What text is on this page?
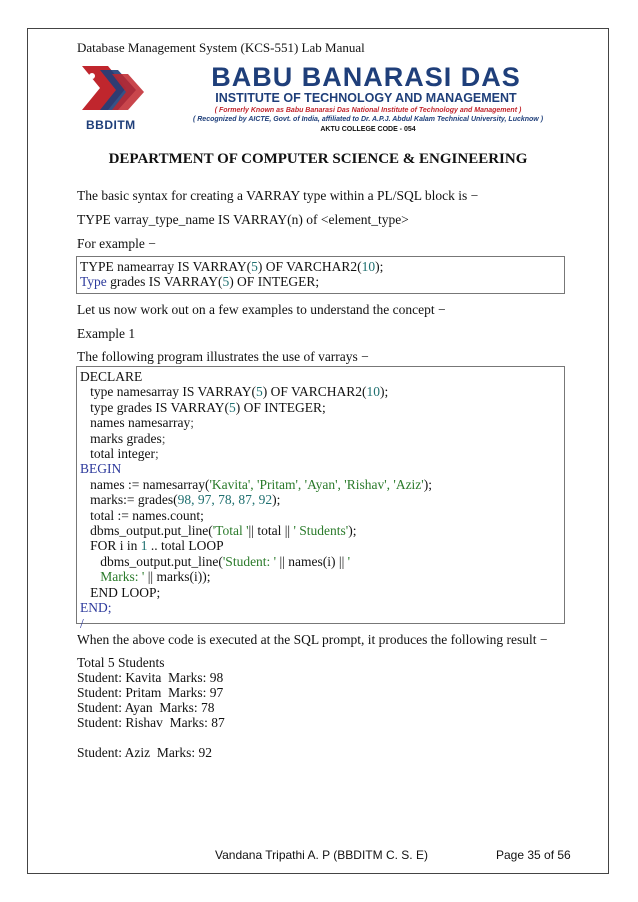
Database Management System (KCS-551) Lab Manual
BBDITM
BABU BANARASI DAS
INSTITUTE OF TECHNOLOGY AND MANAGEMENT
( Formerly Known as Babu Banarasi Das National Institute of Technology and Management )
( Recognized by AICTE, Govt. of India, affiliated to Dr. A.P.J. Abdul Kalam Technical University, Lucknow )
AKTU COLLEGE CODE - 054
DEPARTMENT OF COMPUTER SCIENCE & ENGINEERING
The basic syntax for creating a VARRAY type within a PL/SQL block is −
TYPE varray_type_name IS VARRAY(n) of <element_type>
For example −
TYPE namearray IS VARRAY(5) OF VARCHAR2(10);
Type grades IS VARRAY(5) OF INTEGER;
Let us now work out on a few examples to understand the concept −
Example 1
The following program illustrates the use of varrays −
DECLARE
type namesarray IS VARRAY(5) OF VARCHAR2(10);
type grades IS VARRAY(5) OF INTEGER;
names namesarray;
marks grades;
total integer;
BEGIN
names := namesarray('Kavita', 'Pritam', 'Ayan', 'Rishav', 'Aziz');
marks:= grades(98, 97, 78, 87, 92);
total := names.count;
dbms_output.put_line('Total '|| total || ' Students');
FOR i in 1 .. total LOOP
dbms_output.put_line('Student: ' || names(i) || '
Marks: ' || marks(i));
END LOOP;
END;
/
When the above code is executed at the SQL prompt, it produces the following result −
Total 5 Students
Student: Kavita  Marks: 98
Student: Pritam  Marks: 97
Student: Ayan  Marks: 78
Student: Rishav  Marks: 87
Student: Aziz  Marks: 92
Vandana Tripathi A. P (BBDITM C. S. E)	Page 35 of 56
